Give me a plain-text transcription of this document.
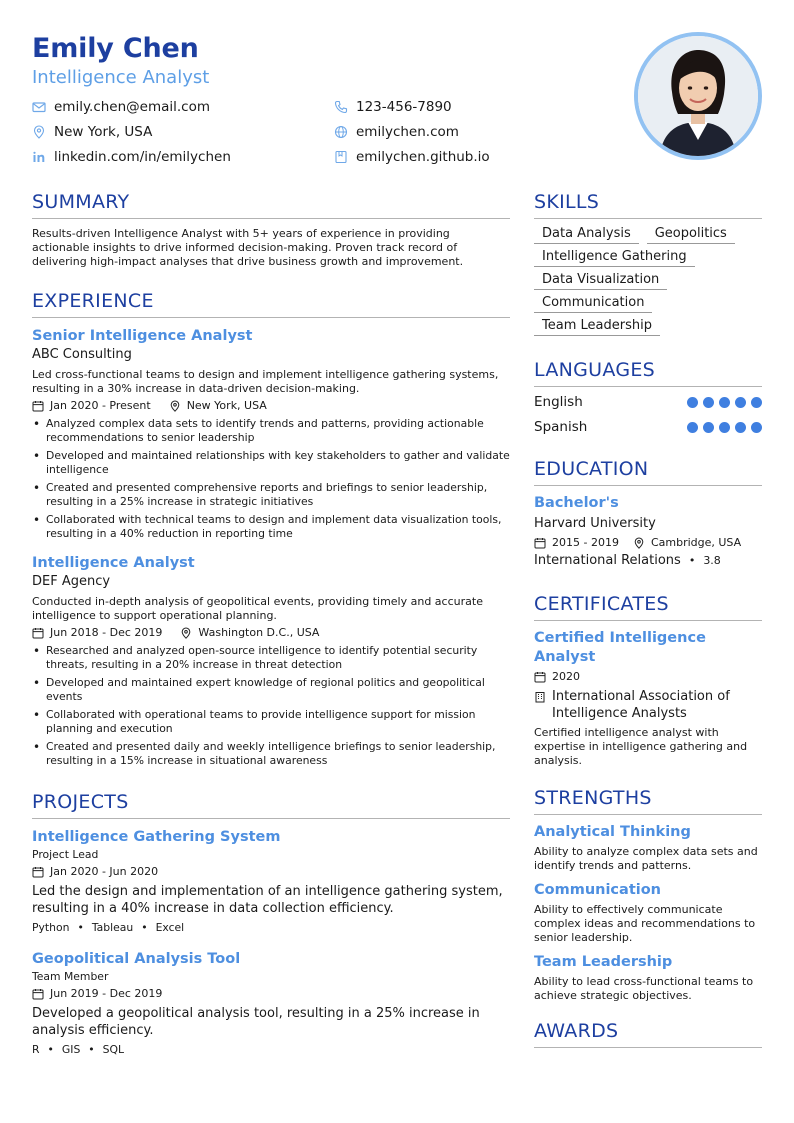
Emily Chen
Intelligence Analyst
emily.chen@email.com	123-456-7890
New York, USA	emilychen.com
linkedin.com/in/emilychen	emilychen.github.io
SUMMARY
Results-driven Intelligence Analyst with 5+ years of experience in providing actionable insights to drive informed decision-making. Proven track record of delivering high-impact analyses that drive business growth and improvement.
EXPERIENCE
Senior Intelligence Analyst
ABC Consulting
Led cross-functional teams to design and implement intelligence gathering systems, resulting in a 30% increase in data-driven decision-making.
Jan 2020 - Present	New York, USA
• Analyzed complex data sets to identify trends and patterns, providing actionable recommendations to senior leadership
• Developed and maintained relationships with key stakeholders to gather and validate intelligence
• Created and presented comprehensive reports and briefings to senior leadership, resulting in a 25% increase in strategic initiatives
• Collaborated with technical teams to design and implement data visualization tools, resulting in a 40% reduction in reporting time
Intelligence Analyst
DEF Agency
Conducted in-depth analysis of geopolitical events, providing timely and accurate intelligence to support operational planning.
Jun 2018 - Dec 2019	Washington D.C., USA
• Researched and analyzed open-source intelligence to identify potential security threats, resulting in a 20% increase in threat detection
• Developed and maintained expert knowledge of regional politics and geopolitical events
• Collaborated with operational teams to provide intelligence support for mission planning and execution
• Created and presented daily and weekly intelligence briefings to senior leadership, resulting in a 15% increase in situational awareness
PROJECTS
Intelligence Gathering System
Project Lead
Jan 2020 - Jun 2020
Led the design and implementation of an intelligence gathering system, resulting in a 40% increase in data collection efficiency.
Python • Tableau • Excel
Geopolitical Analysis Tool
Team Member
Jun 2019 - Dec 2019
Developed a geopolitical analysis tool, resulting in a 25% increase in analysis efficiency.
R • GIS • SQL
SKILLS
Data Analysis	Geopolitics
Intelligence Gathering
Data Visualization
Communication
Team Leadership
LANGUAGES
English
Spanish
EDUCATION
Bachelor's
Harvard University
2015 - 2019	Cambridge, USA
International Relations • 3.8
CERTIFICATES
Certified Intelligence Analyst
2020
International Association of Intelligence Analysts
Certified intelligence analyst with expertise in intelligence gathering and analysis.
STRENGTHS
Analytical Thinking
Ability to analyze complex data sets and identify trends and patterns.
Communication
Ability to effectively communicate complex ideas and recommendations to senior leadership.
Team Leadership
Ability to lead cross-functional teams to achieve strategic objectives.
AWARDS
